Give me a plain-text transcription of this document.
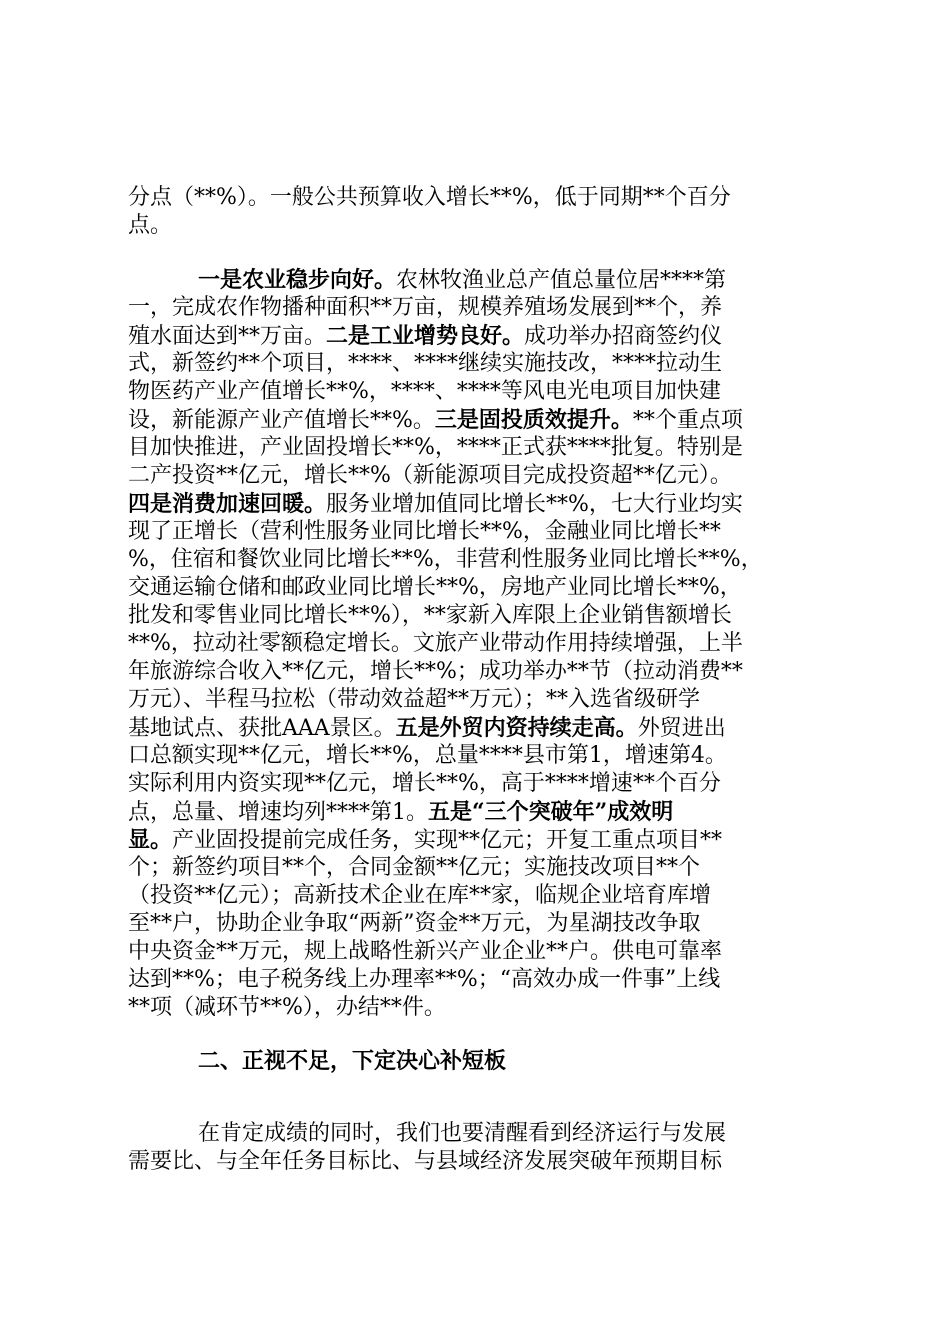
分点（**%）。一般公共预算收入增长**%，低于同期**个百分
点。
一是农业稳步向好。农林牧渔业总产值总量位居****第
一，完成农作物播种面积**万亩，规模养殖场发展到**个，养
殖水面达到**万亩。二是工业增势良好。成功举办招商签约仪
式，新签约**个项目，****、****继续实施技改，****拉动生
物医药产业产值增长**%，****、****等风电光电项目加快建
设，新能源产业产值增长**%。三是固投质效提升。**个重点项
目加快推进，产业固投增长**%，****正式获****批复。特别是
二产投资**亿元，增长**%（新能源项目完成投资超**亿元）。
四是消费加速回暖。服务业增加值同比增长**%，七大行业均实
现了正增长（营利性服务业同比增长**%，金融业同比增长**
%，住宿和餐饮业同比增长**%，非营利性服务业同比增长**%，
交通运输仓储和邮政业同比增长**%，房地产业同比增长**%，
批发和零售业同比增长**%），**家新入库限上企业销售额增长
**%，拉动社零额稳定增长。文旅产业带动作用持续增强，上半
年旅游综合收入**亿元，增长**%；成功举办**节（拉动消费**
万元）、半程马拉松（带动效益超**万元）；**入选省级研学
基地试点、获批AAA景区。五是外贸内资持续走高。外贸进出
口总额实现**亿元，增长**%，总量****县市第1，增速第4。
实际利用内资实现**亿元，增长**%，高于****增速**个百分
点，总量、增速均列****第1。五是“三个突破年”成效明
显。产业固投提前完成任务，实现**亿元；开复工重点项目**
个；新签约项目**个，合同金额**亿元；实施技改项目**个
（投资**亿元）；高新技术企业在库**家，临规企业培育库增
至**户，协助企业争取“两新”资金**万元，为星湖技改争取
中央资金**万元，规上战略性新兴产业企业**户。供电可靠率
达到**%；电子税务线上办理率**%；“高效办成一件事”上线
**项（减环节**%），办结**件。
二、正视不足，下定决心补短板
在肯定成绩的同时，我们也要清醒看到经济运行与发展
需要比、与全年任务目标比、与县域经济发展突破年预期目标
